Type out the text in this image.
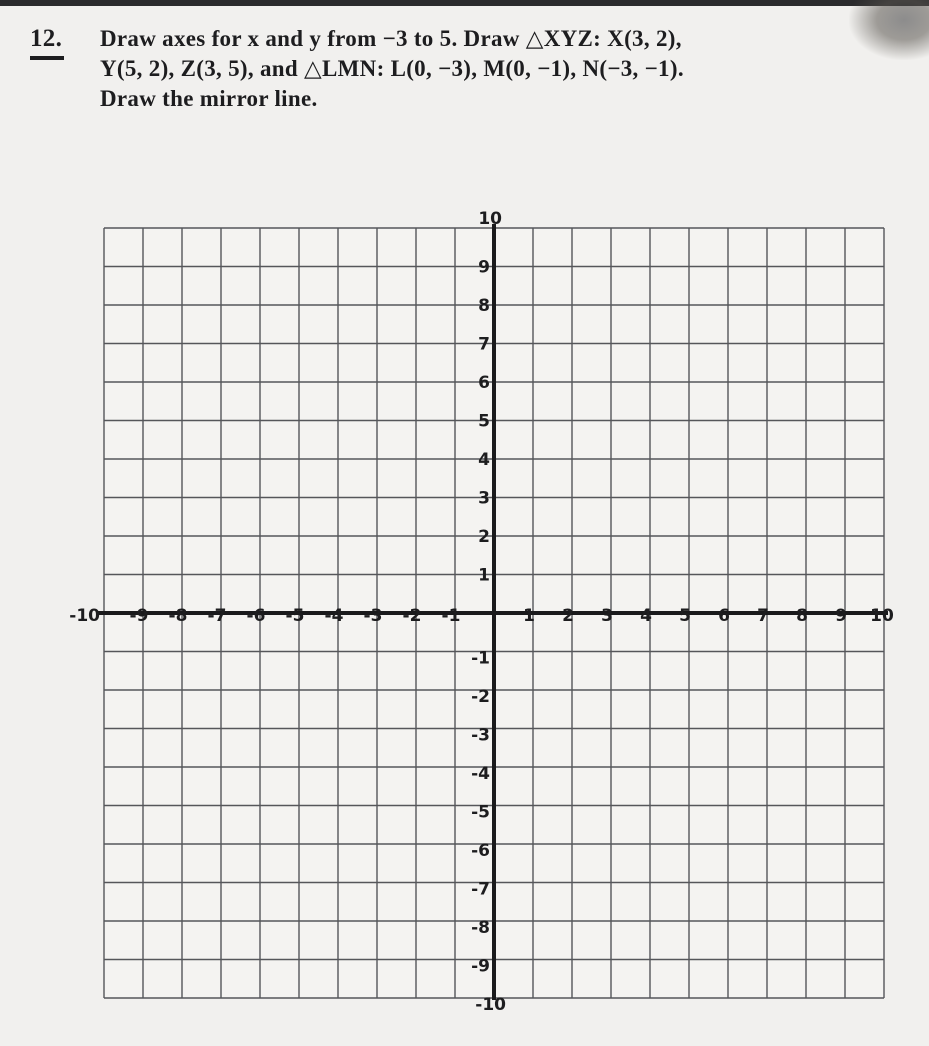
12. Draw axes for x and y from −3 to 5. Draw △XYZ: X(3, 2),

Y(5, 2), Z(3, 5), and △LMN: L(0, −3), M(0, −1), N(−3, −1).

Draw the mirror line.

-10 -9 -8 -7 -6 -5 -4 -3 -2 -1	1 2 3 4 5 6 7 8 9 10
10
9
8
7
6
5
4
3
2
1
-1
-2
-3
-4
-5
-6
-7
-8
-9
-10
